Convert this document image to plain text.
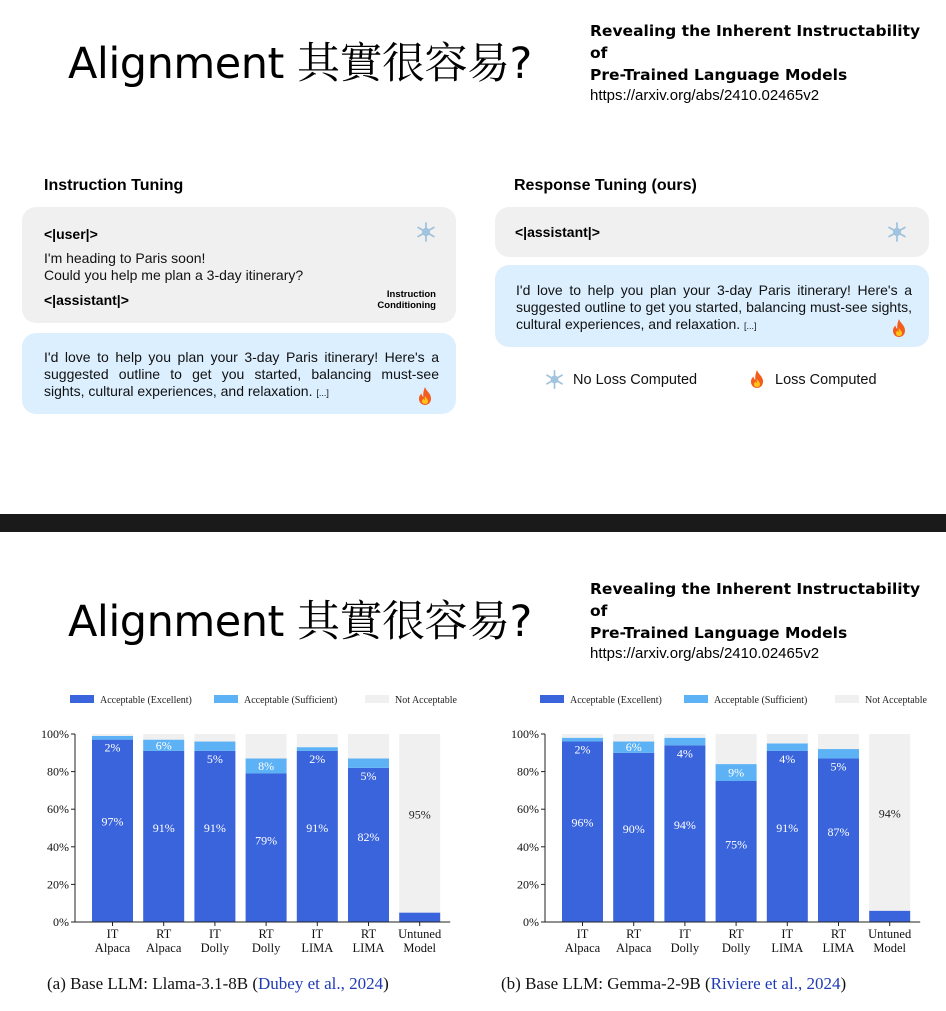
Alignment 其實很容易?
Revealing the Inherent Instructability of
Pre-Trained Language Models
https://arxiv.org/abs/2410.02465v2
Instruction Tuning
<|user|>
I'm heading to Paris soon!
Could you help me plan a 3-day itinerary?
<|assistant|>	Instruction
Conditioning
I'd love to help you plan your 3-day Paris itinerary! Here's a suggested outline to get you started, balancing must-see sights, cultural experiences, and relaxation. [...]
Response Tuning (ours)
<|assistant|>
I'd love to help you plan your 3-day Paris itinerary! Here's a suggested outline to get you started, balancing must-see sights, cultural experiences, and relaxation. [...]
No Loss Computed	Loss Computed
Alignment 其實很容易?
Revealing the Inherent Instructability of
Pre-Trained Language Models
https://arxiv.org/abs/2410.02465v2
Acceptable (Excellent)	Acceptable (Sufficient)	Not Acceptable
0%
20%
40%
60%
80%
100%
97%
2%
IT
Alpaca
91%
6%
RT
Alpaca
91%
5%
IT
Dolly
79%
8%
RT
Dolly
91%
2%
IT
LIMA
82%
5%
RT
LIMA
95%
Untuned
Model
Acceptable (Excellent)	Acceptable (Sufficient)	Not Acceptable
0%
20%
40%
60%
80%
100%
96%
2%
IT
Alpaca
90%
6%
RT
Alpaca
94%
4%
IT
Dolly
75%
9%
RT
Dolly
91%
4%
IT
LIMA
87%
5%
RT
LIMA
94%
Untuned
Model
(a) Base LLM: Llama-3.1-8B (Dubey et al., 2024)	(b) Base LLM: Gemma-2-9B (Riviere et al., 2024)
